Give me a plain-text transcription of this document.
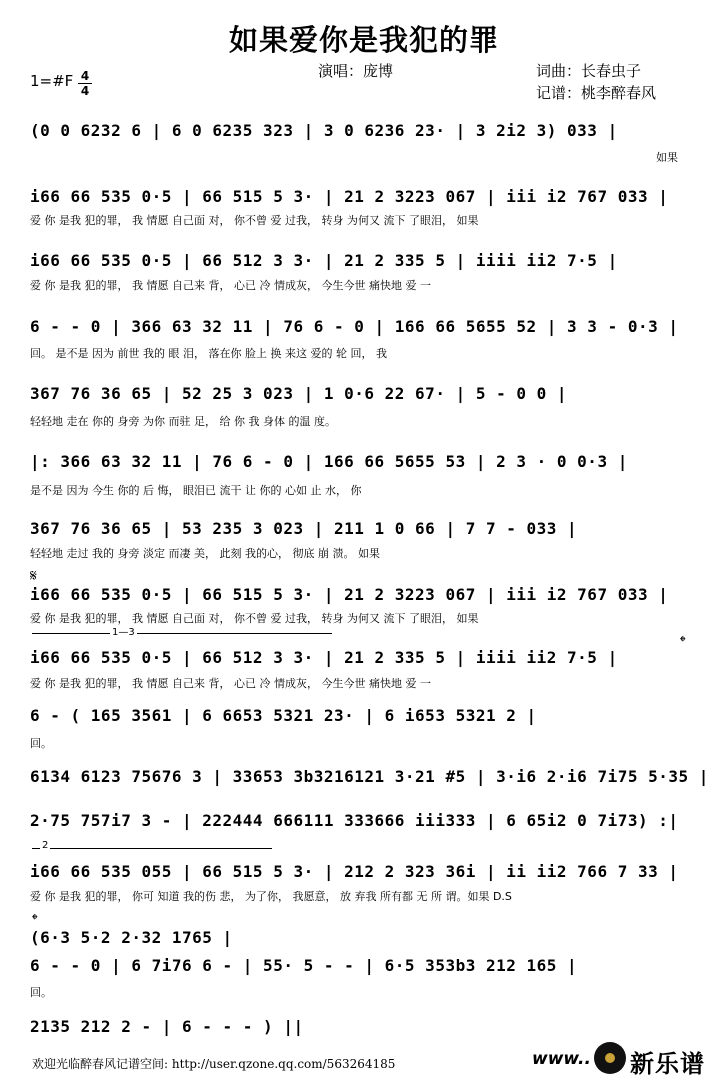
如果爱你是我犯的罪
演唱：庞博	词曲：长春虫子
记谱：桃李醉春风
1=#F 4
4
(0 0 6232 6 | 6 0 6235 323 | 3 0 6236 23· | 3 2i2 3) 033 |
如果
i66 66 535 0·5 | 66 515 5 3· | 21 2 3223 067 | iii i2 767 033 |
爱 你 是我 犯的罪， 我 情愿 自己面 对， 你不曾 爱 过我， 转身 为何又 流下 了眼泪， 如果
i66 66 535 0·5 | 66 512 3 3· | 21 2 335 5 | iiii ii2 7·5 |
爱 你 是我 犯的罪， 我 情愿 自己来 背， 心已 冷 情成灰， 今生今世 痛快地 爱 一
6 - - 0 | 366 63 32 11 | 76 6 - 0 | 166 66 5655 52 | 3 3 - 0·3 |
回。 是不是 因为 前世 我的 眼 泪， 落在你 脸上 换 来这 爱的 轮 回， 我
367 76 36 65 | 52 25 3 023 | 1 0·6 22 67· | 5 - 0 0 |
轻轻地 走在 你的 身旁 为你 而驻 足， 给 你 我 身体 的温 度。
|: 366 63 32 11 | 76 6 - 0 | 166 66 5655 53 | 2 3 · 0 0·3 |
是不是 因为 今生 你的 后 悔， 眼泪已 流干 让 你的 心如 止 水， 你
367 76 36 65 | 53 235 3 023 | 211 1 0 66 | 7 7 - 033 |
轻轻地 走过 我的 身旁 淡定 而凄 美， 此刻 我的心， 彻底 崩 溃。 如果
𝄋
i66 66 535 0·5 | 66 515 5 3· | 21 2 3223 067 | iii i2 767 033 |
爱 你 是我 犯的罪， 我 情愿 自己面 对， 你不曾 爱 过我， 转身 为何又 流下 了眼泪， 如果
1—3	𝄌
i66 66 535 0·5 | 66 512 3 3· | 21 2 335 5 | iiii ii2 7·5 |
爱 你 是我 犯的罪， 我 情愿 自己来 背， 心已 冷 情成灰， 今生今世 痛快地 爱 一
6 - ( 165 3561 | 6 6653 5321 23· | 6 i653 5321 2 |
回。
6134 6123 75676 3 | 33653 3b3216121 3·21 #5 | 3·i6 2·i6 7i75 5·35 |
2·75 757i7 3 - | 222444 666111 333666 iii333 | 6 65i2 0 7i73) :|
2
i66 66 535 055 | 66 515 5 3· | 212 2 323 36i | ii ii2 766 7 33 |
爱 你 是我 犯的罪， 你可 知道 我的伤 悲， 为了你， 我愿意， 放 弃我 所有都 无 所 谓。如果 D.S
𝄌
(6·3 5·2 2·32 1765 |
6 - - 0 | 6 7i76 6 - | 55· 5 - - | 6·5 353b3 212 165 |
回。
2135 212 2 - | 6 - - - ) ||
欢迎光临醉春风记谱空间: http://user.qzone.qq.com/563264185	www.. 新乐谱
